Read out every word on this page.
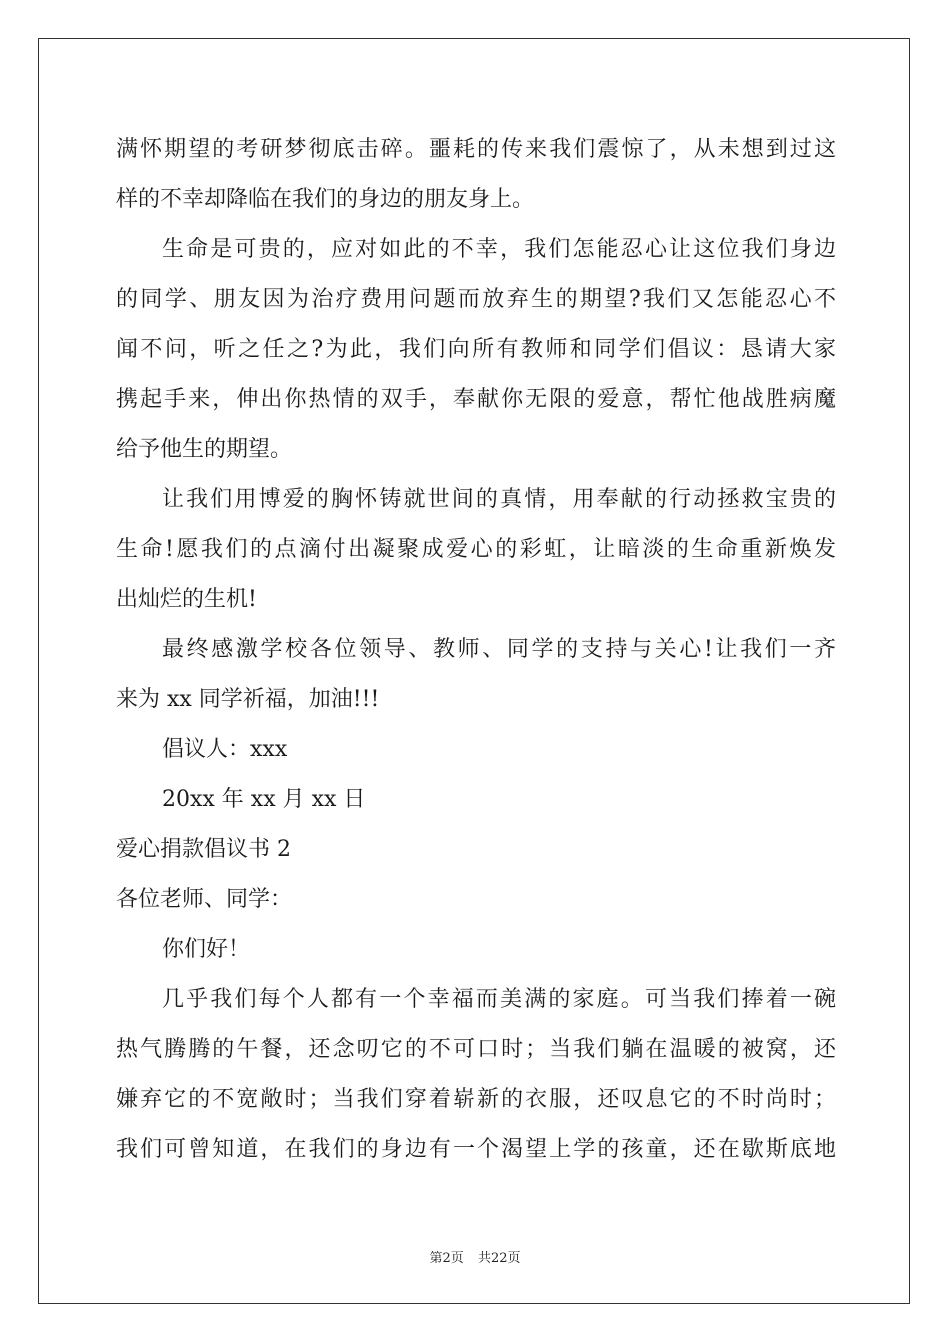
满怀期望的考研梦彻底击碎。噩耗的传来我们震惊了，从未想到过这
样的不幸却降临在我们的身边的朋友身上。
生命是可贵的，应对如此的不幸，我们怎能忍心让这位我们身边
的同学、朋友因为治疗费用问题而放弃生的期望?我们又怎能忍心不
闻不问，听之任之?为此，我们向所有教师和同学们倡议：恳请大家
携起手来，伸出你热情的双手，奉献你无限的爱意，帮忙他战胜病魔
给予他生的期望。
让我们用博爱的胸怀铸就世间的真情，用奉献的行动拯救宝贵的
生命!愿我们的点滴付出凝聚成爱心的彩虹，让暗淡的生命重新焕发
出灿烂的生机!
最终感激学校各位领导、教师、同学的支持与关心!让我们一齐
来为 xx 同学祈福，加油!!!
倡议人：xxx
20xx 年 xx 月 xx 日
爱心捐款倡议书 2
各位老师、同学：
你们好！
几乎我们每个人都有一个幸福而美满的家庭。可当我们捧着一碗
热气腾腾的午餐，还念叨它的不可口时；当我们躺在温暖的被窝，还
嫌弃它的不宽敞时；当我们穿着崭新的衣服，还叹息它的不时尚时；
我们可曾知道，在我们的身边有一个渴望上学的孩童，还在歇斯底地
第2页 共22页
